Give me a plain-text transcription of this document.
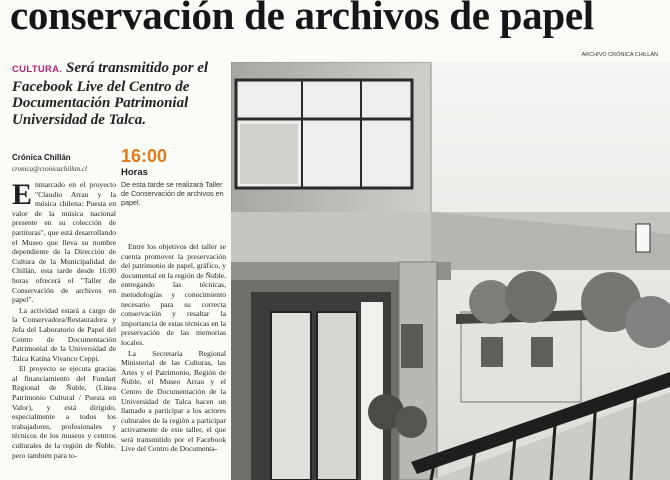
conservación de archivos de papel
ARCHIVO CRÓNICA CHILLÁN
CULTURA. Será transmitido por el Facebook Live del Centro de Documentación Patrimonial Universidad de Talca.
Crónica Chillán
cronica@cronicachillan.cl
16:00
Horas
De esta tarde se realizará Taller de Conservación de archivos en papel.

Enmarcado en el proyecto "Claudio Arrau y la música chilena: Puesta en valor de la música nacional presente en su colección de partituras", que está desarrollando el Museo que lleva su nombre dependiente de la Dirección de Cultura de la Municipalidad de Chillán, esta tarde desde 16:00 horas ofrecerá el "Taller de Conservación de archivos en papel".

La actividad estará a cargo de la Conservadora/Restauradora y Jefa del Laboratorio de Papel del Centro de Documentación Patrimonial de la Universidad de Talca Katina Vivanco Ceppi.

El proyecto se ejecuta gracias al financiamiento del Fondart Regional de Ñuble, (Línea Patrimonio Cultural / Puesta en Valor), y está dirigido, especialmente a todos los trabajadores, profesionales y técnicos de los museos y centros culturales de la región de Ñuble, pero también para to-

Entre los objetivos del taller se cuenta promover la preservación del patrimonio de papel, gráfico, y documental en la región de Ñuble, entregando las técnicas, metodologías y conocimiento necesario para su correcta conservación y resaltar la importancia de estas técnicas en la preservación de las memorias locales.

La Secretaría Regional Ministerial de las Culturas, las Artes y el Patrimonio, Región de Ñuble, el Museo Arrau y el Centro de Documentación de la Universidad de Talca hacen un llamado a participar a los actores culturales de la región a participar activamente de este taller, el que será transmitido por el Facebook Live del Centro de Documenta-
